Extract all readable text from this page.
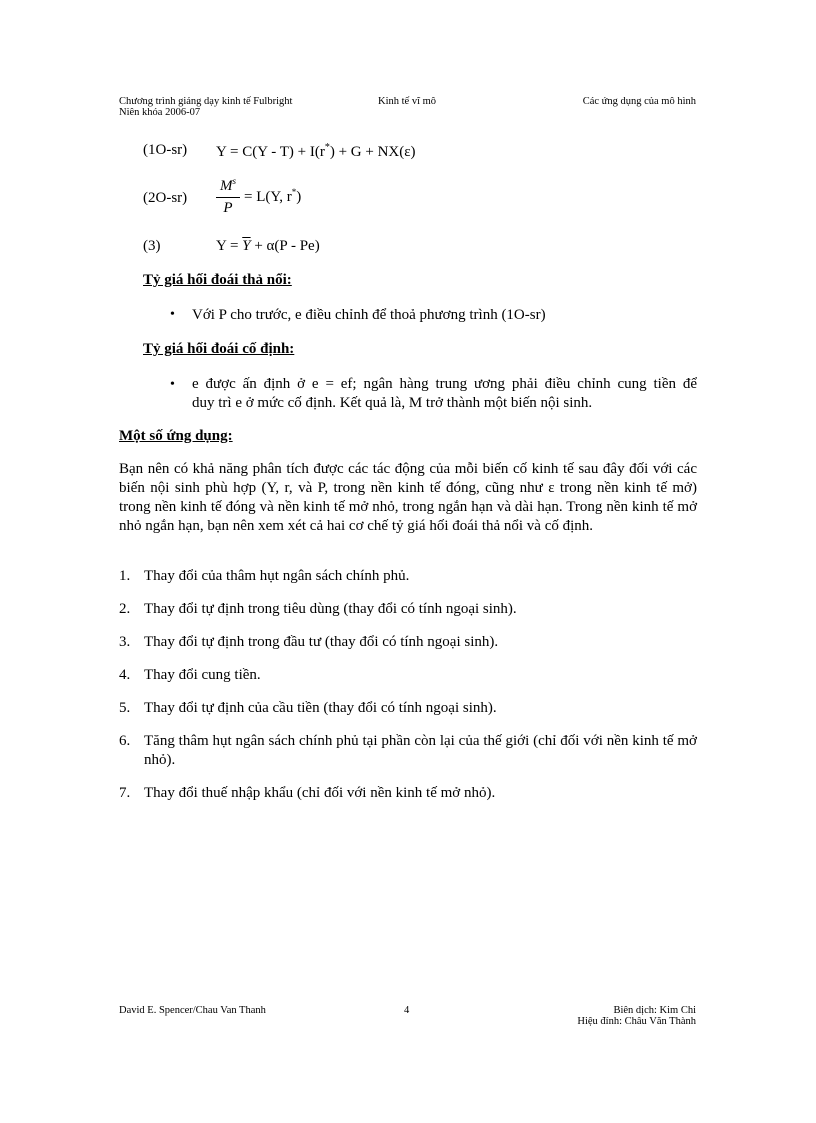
Chương trình giảng dạy kinh tế Fulbright
Niên khóa 2006-07
Kinh tế vĩ mô	Các ứng dụng của mô hình
(1O-sr) Y = C(Y - T) + I(r*) + G + NX(ε)
$(2O-sr) \frac{M^s}{P} = L(Y$, r*)
(3)	$Y = \overline{Y} + \alpha(P - Pe)$
Tỷ giá hối đoái thả nổi:
• Với P cho trước, e điều chỉnh để thoả phương trình (1O-sr)
Tỷ giá hối đoái cố định:
• e được ấn định ở e = ef; ngân hàng trung ương phải điều chỉnh cung tiền để
duy trì e ở mức cố định. Kết quả là, M trở thành một biến nội sinh.
Một số ứng dụng:
Bạn nên có khả năng phân tích được các tác động của mỗi biến cố kinh tế sau đây đối với các biến nội sinh phù hợp (Y, r, và P, trong nền kinh tế đóng, cũng như ε trong nền kinh tế mở) trong nền kinh tế đóng và nền kinh tế mở nhỏ, trong ngắn hạn và dài hạn. Trong nền kinh tế mở nhỏ ngắn hạn, bạn nên xem xét cả hai cơ chế tỷ giá hối đoái thả nổi và cố định.
1. Thay đổi của thâm hụt ngân sách chính phủ.
2. Thay đổi tự định trong tiêu dùng (thay đổi có tính ngoại sinh).
3. Thay đổi tự định trong đầu tư (thay đổi có tính ngoại sinh).
4. Thay đổi cung tiền.
5. Thay đổi tự định của cầu tiền (thay đổi có tính ngoại sinh).
6. Tăng thâm hụt ngân sách chính phủ tại phần còn lại của thế giới (chỉ đối với nền kinh tế mở nhỏ).
7. Thay đổi thuế nhập khẩu (chỉ đối với nền kinh tế mở nhỏ).
David E. Spencer/Chau Van Thanh	4	Biên dịch: Kim Chi
Hiệu đính: Châu Văn Thành
